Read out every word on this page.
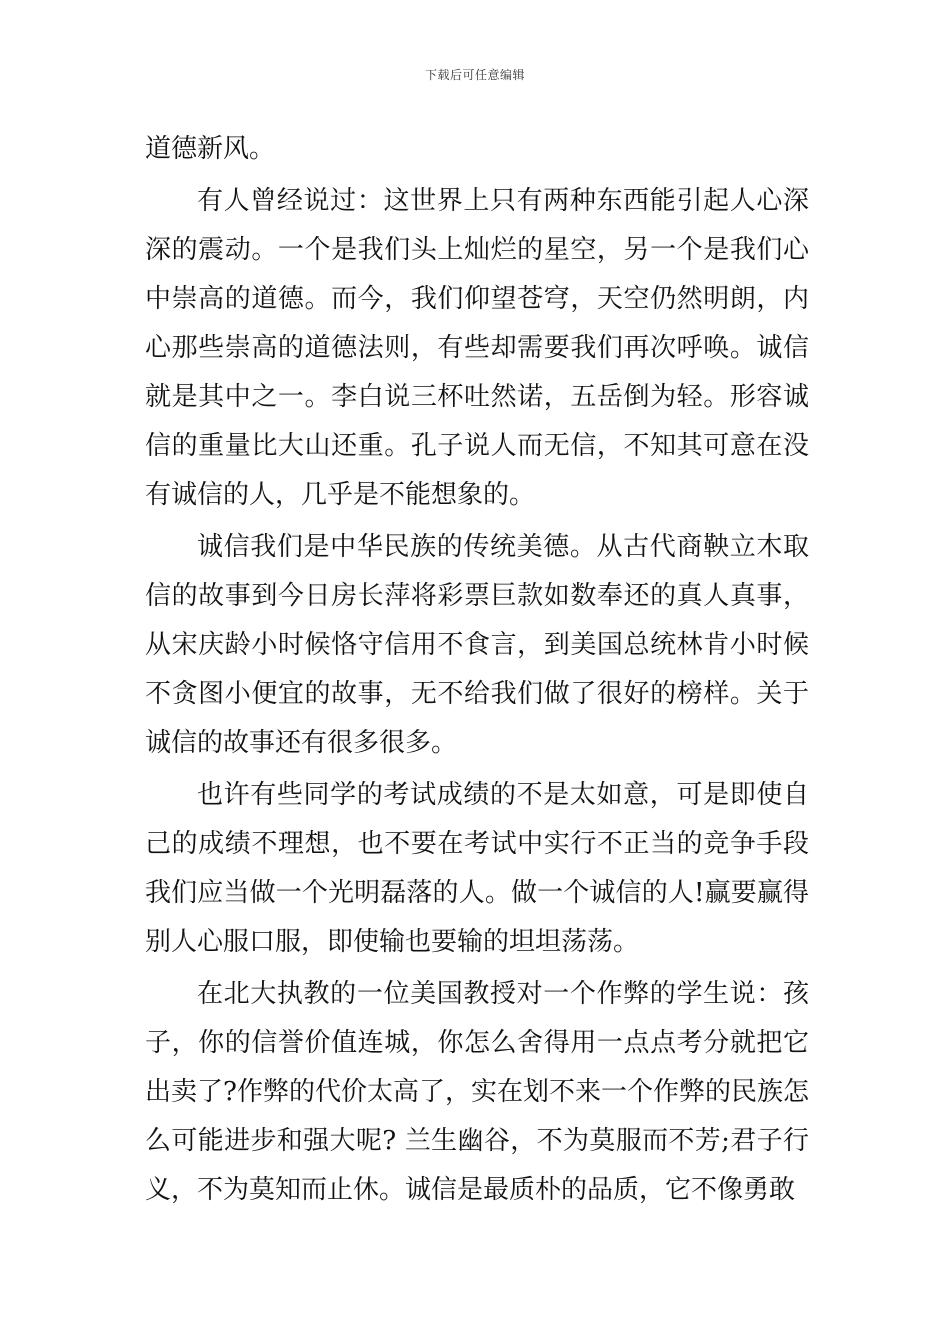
下载后可任意编辑

道德新风。

有人曾经说过：这世界上只有两种东西能引起人心深深的震动。一个是我们头上灿烂的星空，另一个是我们心中崇高的道德。而今，我们仰望苍穹，天空仍然明朗，内心那些崇高的道德法则，有些却需要我们再次呼唤。诚信就是其中之一。李白说三杯吐然诺，五岳倒为轻。形容诚信的重量比大山还重。孔子说人而无信，不知其可意在没有诚信的人，几乎是不能想象的。

诚信我们是中华民族的传统美德。从古代商鞅立木取信的故事到今日房长萍将彩票巨款如数奉还的真人真事，从宋庆龄小时候恪守信用不食言，到美国总统林肯小时候不贪图小便宜的故事，无不给我们做了很好的榜样。关于诚信的故事还有很多很多。

也许有些同学的考试成绩的不是太如意，可是即使自己的成绩不理想，也不要在考试中实行不正当的竞争手段我们应当做一个光明磊落的人。做一个诚信的人!赢要赢得别人心服口服，即使输也要输的坦坦荡荡。

在北大执教的一位美国教授对一个作弊的学生说：孩子，你的信誉价值连城，你怎么舍得用一点点考分就把它出卖了?作弊的代价太高了，实在划不来一个作弊的民族怎么可能进步和强大呢? 兰生幽谷，不为莫服而不芳;君子行义，不为莫知而止休。诚信是最质朴的品质，它不像勇敢
